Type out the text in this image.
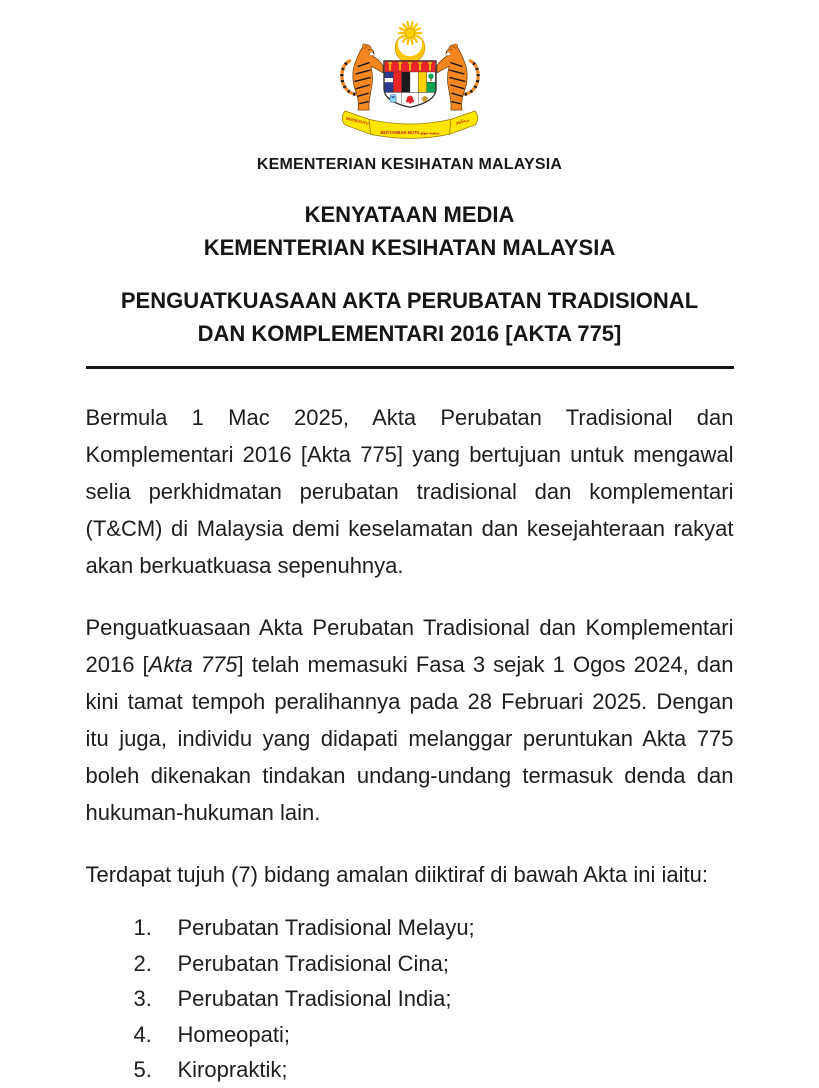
BERSEKUTU
BERTAMBAH MUTU برتمبه موتو
برسكوتو
KEMENTERIAN KESIHATAN MALAYSIA
KENYATAAN MEDIA
KEMENTERIAN KESIHATAN MALAYSIA
PENGUATKUASAAN AKTA PERUBATAN TRADISIONAL
DAN KOMPLEMENTARI 2016 [AKTA 775]

Bermula 1 Mac 2025, Akta Perubatan Tradisional dan Komplementari 2016 [Akta 775] yang bertujuan untuk mengawal selia perkhidmatan perubatan tradisional dan komplementari (T&CM) di Malaysia demi keselamatan dan kesejahteraan rakyat akan berkuatkuasa sepenuhnya.

Penguatkuasaan Akta Perubatan Tradisional dan Komplementari 2016 [Akta 775] telah memasuki Fasa 3 sejak 1 Ogos 2024, dan kini tamat tempoh peralihannya pada 28 Februari 2025. Dengan itu juga, individu yang didapati melanggar peruntukan Akta 775 boleh dikenakan tindakan undang-undang termasuk denda dan hukuman-hukuman lain.

Terdapat tujuh (7) bidang amalan diiktiraf di bawah Akta ini iaitu:

1.	Perubatan Tradisional Melayu;
2.	Perubatan Tradisional Cina;
3.	Perubatan Tradisional India;
4.	Homeopati;
5.	Kiropraktik;
